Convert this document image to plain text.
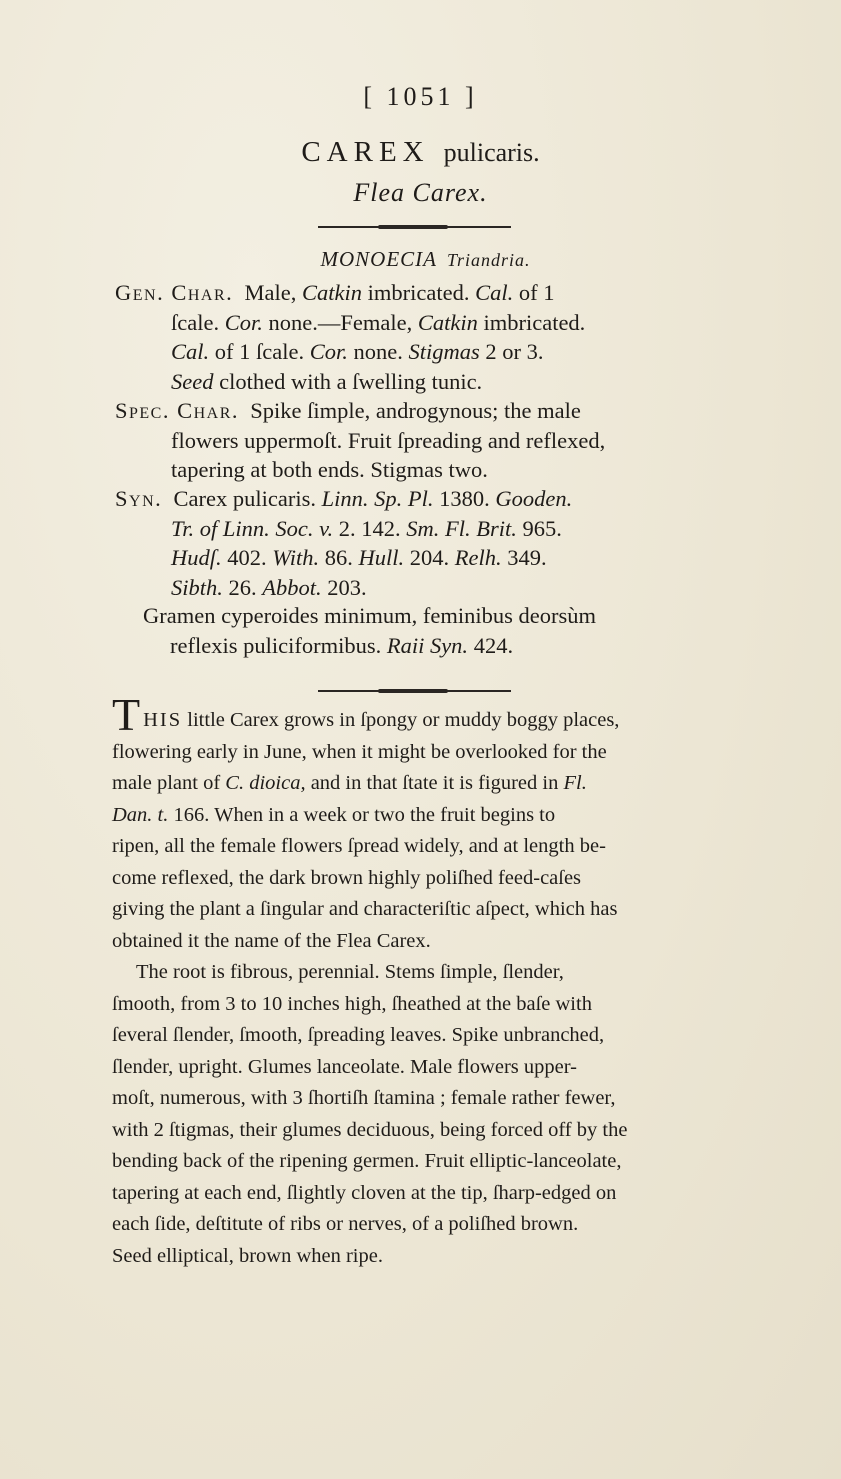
[ 1051 ]
CAREX pulicaris.
Flea Carex.
MONOECIA Triandria.
Gen. Char. Male, Catkin imbricated. Cal. of 1
ſcale. Cor. none.—Female, Catkin imbricated.
Cal. of 1 ſcale. Cor. none. Stigmas 2 or 3.
Seed clothed with a ſwelling tunic.
Spec. Char. Spike ſimple, androgynous; the male
flowers uppermoſt. Fruit ſpreading and reflexed,
tapering at both ends. Stigmas two.
Syn. Carex pulicaris. Linn. Sp. Pl. 1380. Gooden.
Tr. of Linn. Soc. v. 2. 142. Sm. Fl. Brit. 965.
Hudſ. 402. With. 86. Hull. 204. Relh. 349.
Sibth. 26. Abbot. 203.
Gramen cyperoides minimum, feminibus deorsùm
reflexis puliciformibus. Raii Syn. 424.
THIS little Carex grows in ſpongy or muddy boggy places,
flowering early in June, when it might be overlooked for the
male plant of C. dioica, and in that ſtate it is figured in Fl.
Dan. t. 166. When in a week or two the fruit begins to
ripen, all the female flowers ſpread widely, and at length be-
come reflexed, the dark brown highly poliſhed feed-caſes
giving the plant a ſingular and characteriſtic aſpect, which has
obtained it the name of the Flea Carex.
The root is fibrous, perennial. Stems ſimple, ſlender,
ſmooth, from 3 to 10 inches high, ſheathed at the baſe with
ſeveral ſlender, ſmooth, ſpreading leaves. Spike unbranched,
ſlender, upright. Glumes lanceolate. Male flowers upper-
moſt, numerous, with 3 ſhortiſh ſtamina ; female rather fewer,
with 2 ſtigmas, their glumes deciduous, being forced off by the
bending back of the ripening germen. Fruit elliptic-lanceolate,
tapering at each end, ſlightly cloven at the tip, ſharp-edged on
each ſide, deſtitute of ribs or nerves, of a poliſhed brown.
Seed elliptical, brown when ripe.
